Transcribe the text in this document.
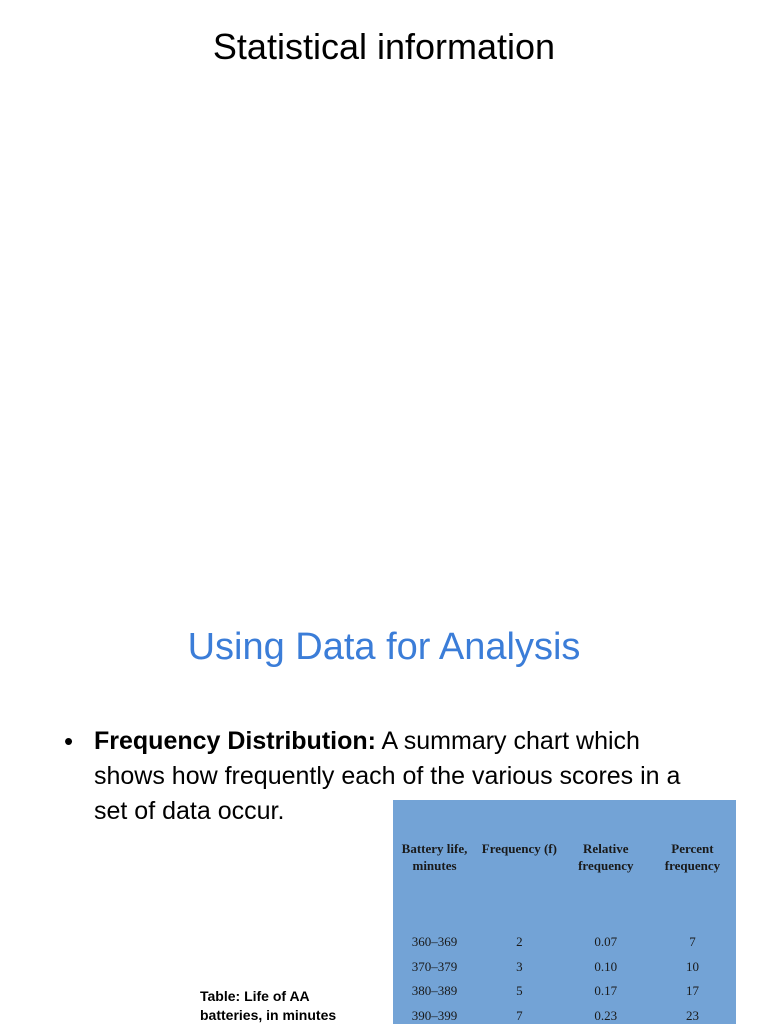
Statistical information
Using Data for Analysis
• Frequency Distribution: A summary chart which shows how frequently each of the various scores in a set of data occur.
Table: Life of AA batteries, in minutes
Battery life, minutes	Frequency (f)	Relative frequency	Percent frequency
360–369	2	0.07	7
370–379	3	0.10	10
380–389	5	0.17	17
390–399	7	0.23	23
